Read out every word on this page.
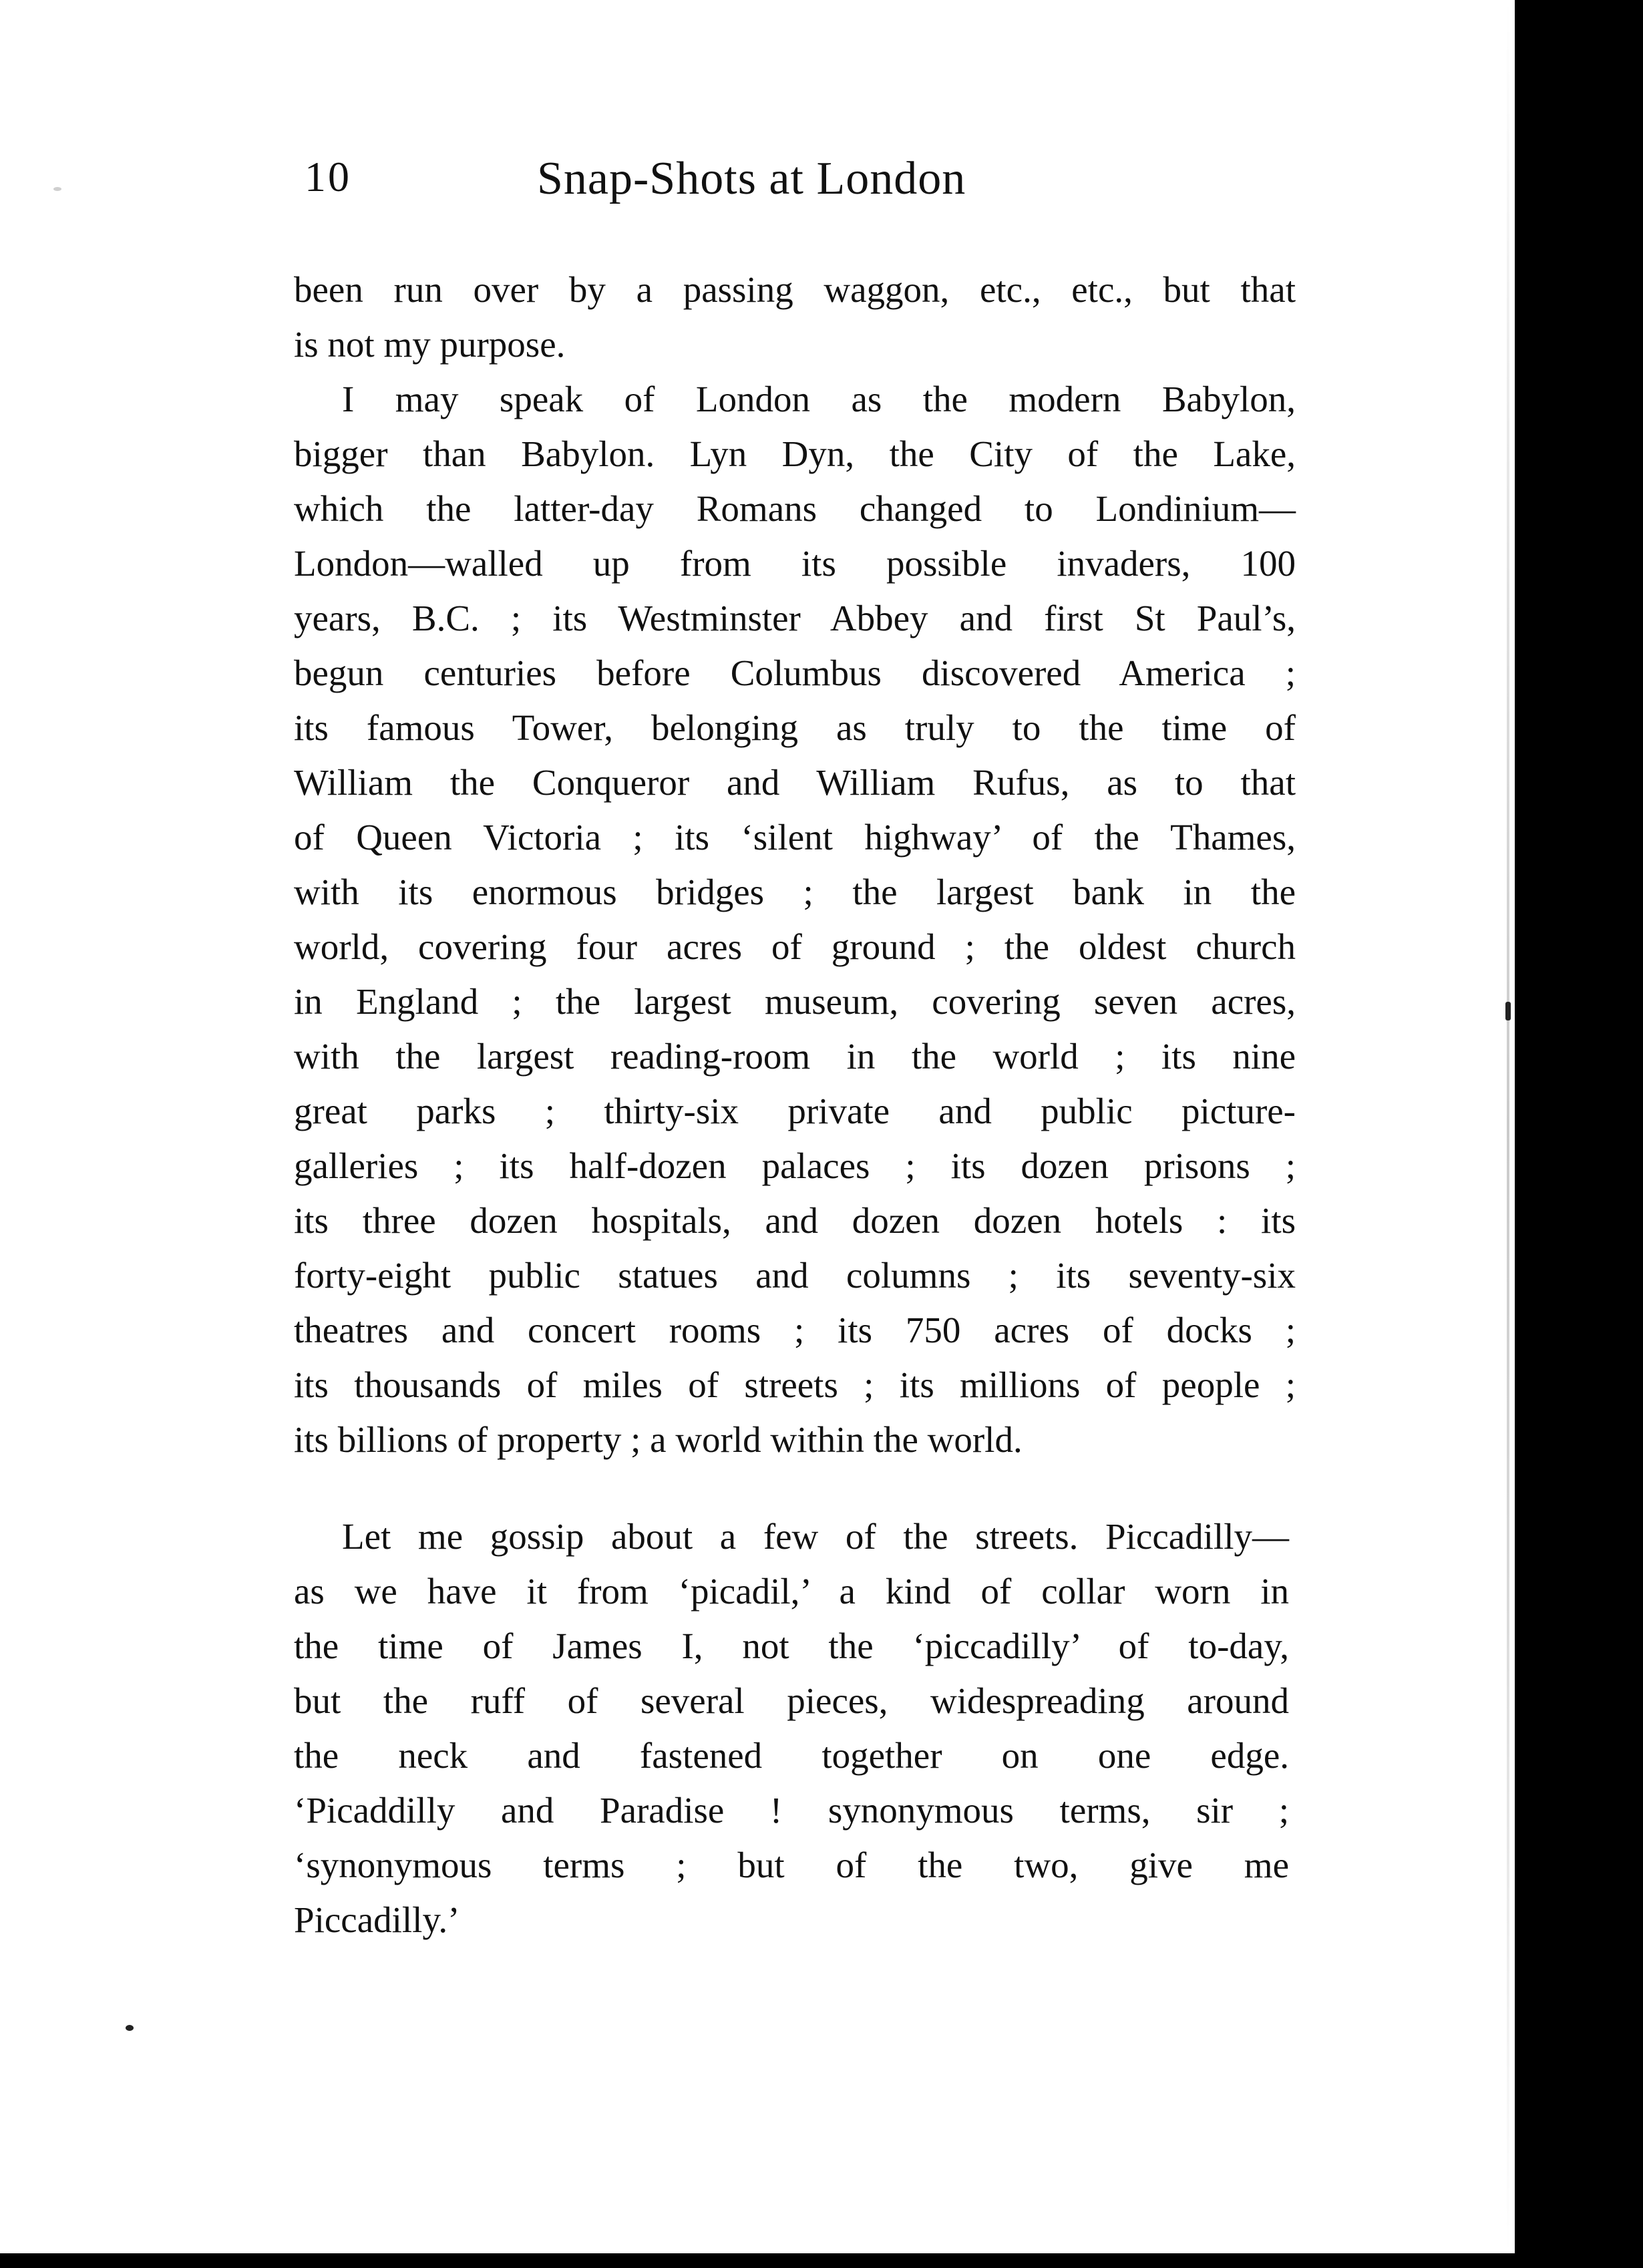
10	Snap-Shots at London
been run over by a passing waggon, etc., etc., but that
is not my purpose.
I may speak of London as the modern Babylon,
bigger than Babylon. Lyn Dyn, the City of the Lake,
which the latter-day Romans changed to Londinium—
London—walled up from its possible invaders, 100
years, B.C. ; its Westminster Abbey and first St Paul’s,
begun centuries before Columbus discovered America ;
its famous Tower, belonging as truly to the time of
William the Conqueror and William Rufus, as to that
of Queen Victoria ; its ‘silent highway’ of the Thames,
with its enormous bridges ; the largest bank in the
world, covering four acres of ground ; the oldest church
in England ; the largest museum, covering seven acres,
with the largest reading-room in the world ; its nine
great parks ; thirty-six private and public picture-
galleries ; its half-dozen palaces ; its dozen prisons ;
its three dozen hospitals, and dozen dozen hotels : its
forty-eight public statues and columns ; its seventy-six
theatres and concert rooms ; its 750 acres of docks ;
its thousands of miles of streets ; its millions of people ;
its billions of property ; a world within the world.
Let me gossip about a few of the streets. Piccadilly—
as we have it from ‘picadil,’ a kind of collar worn in
the time of James I, not the ‘piccadilly’ of to-day,
but the ruff of several pieces, widespreading around
the neck and fastened together on one edge.
‘Picaddilly and Paradise ! synonymous terms, sir ;
‘synonymous terms ; but of the two, give me
Piccadilly.’
